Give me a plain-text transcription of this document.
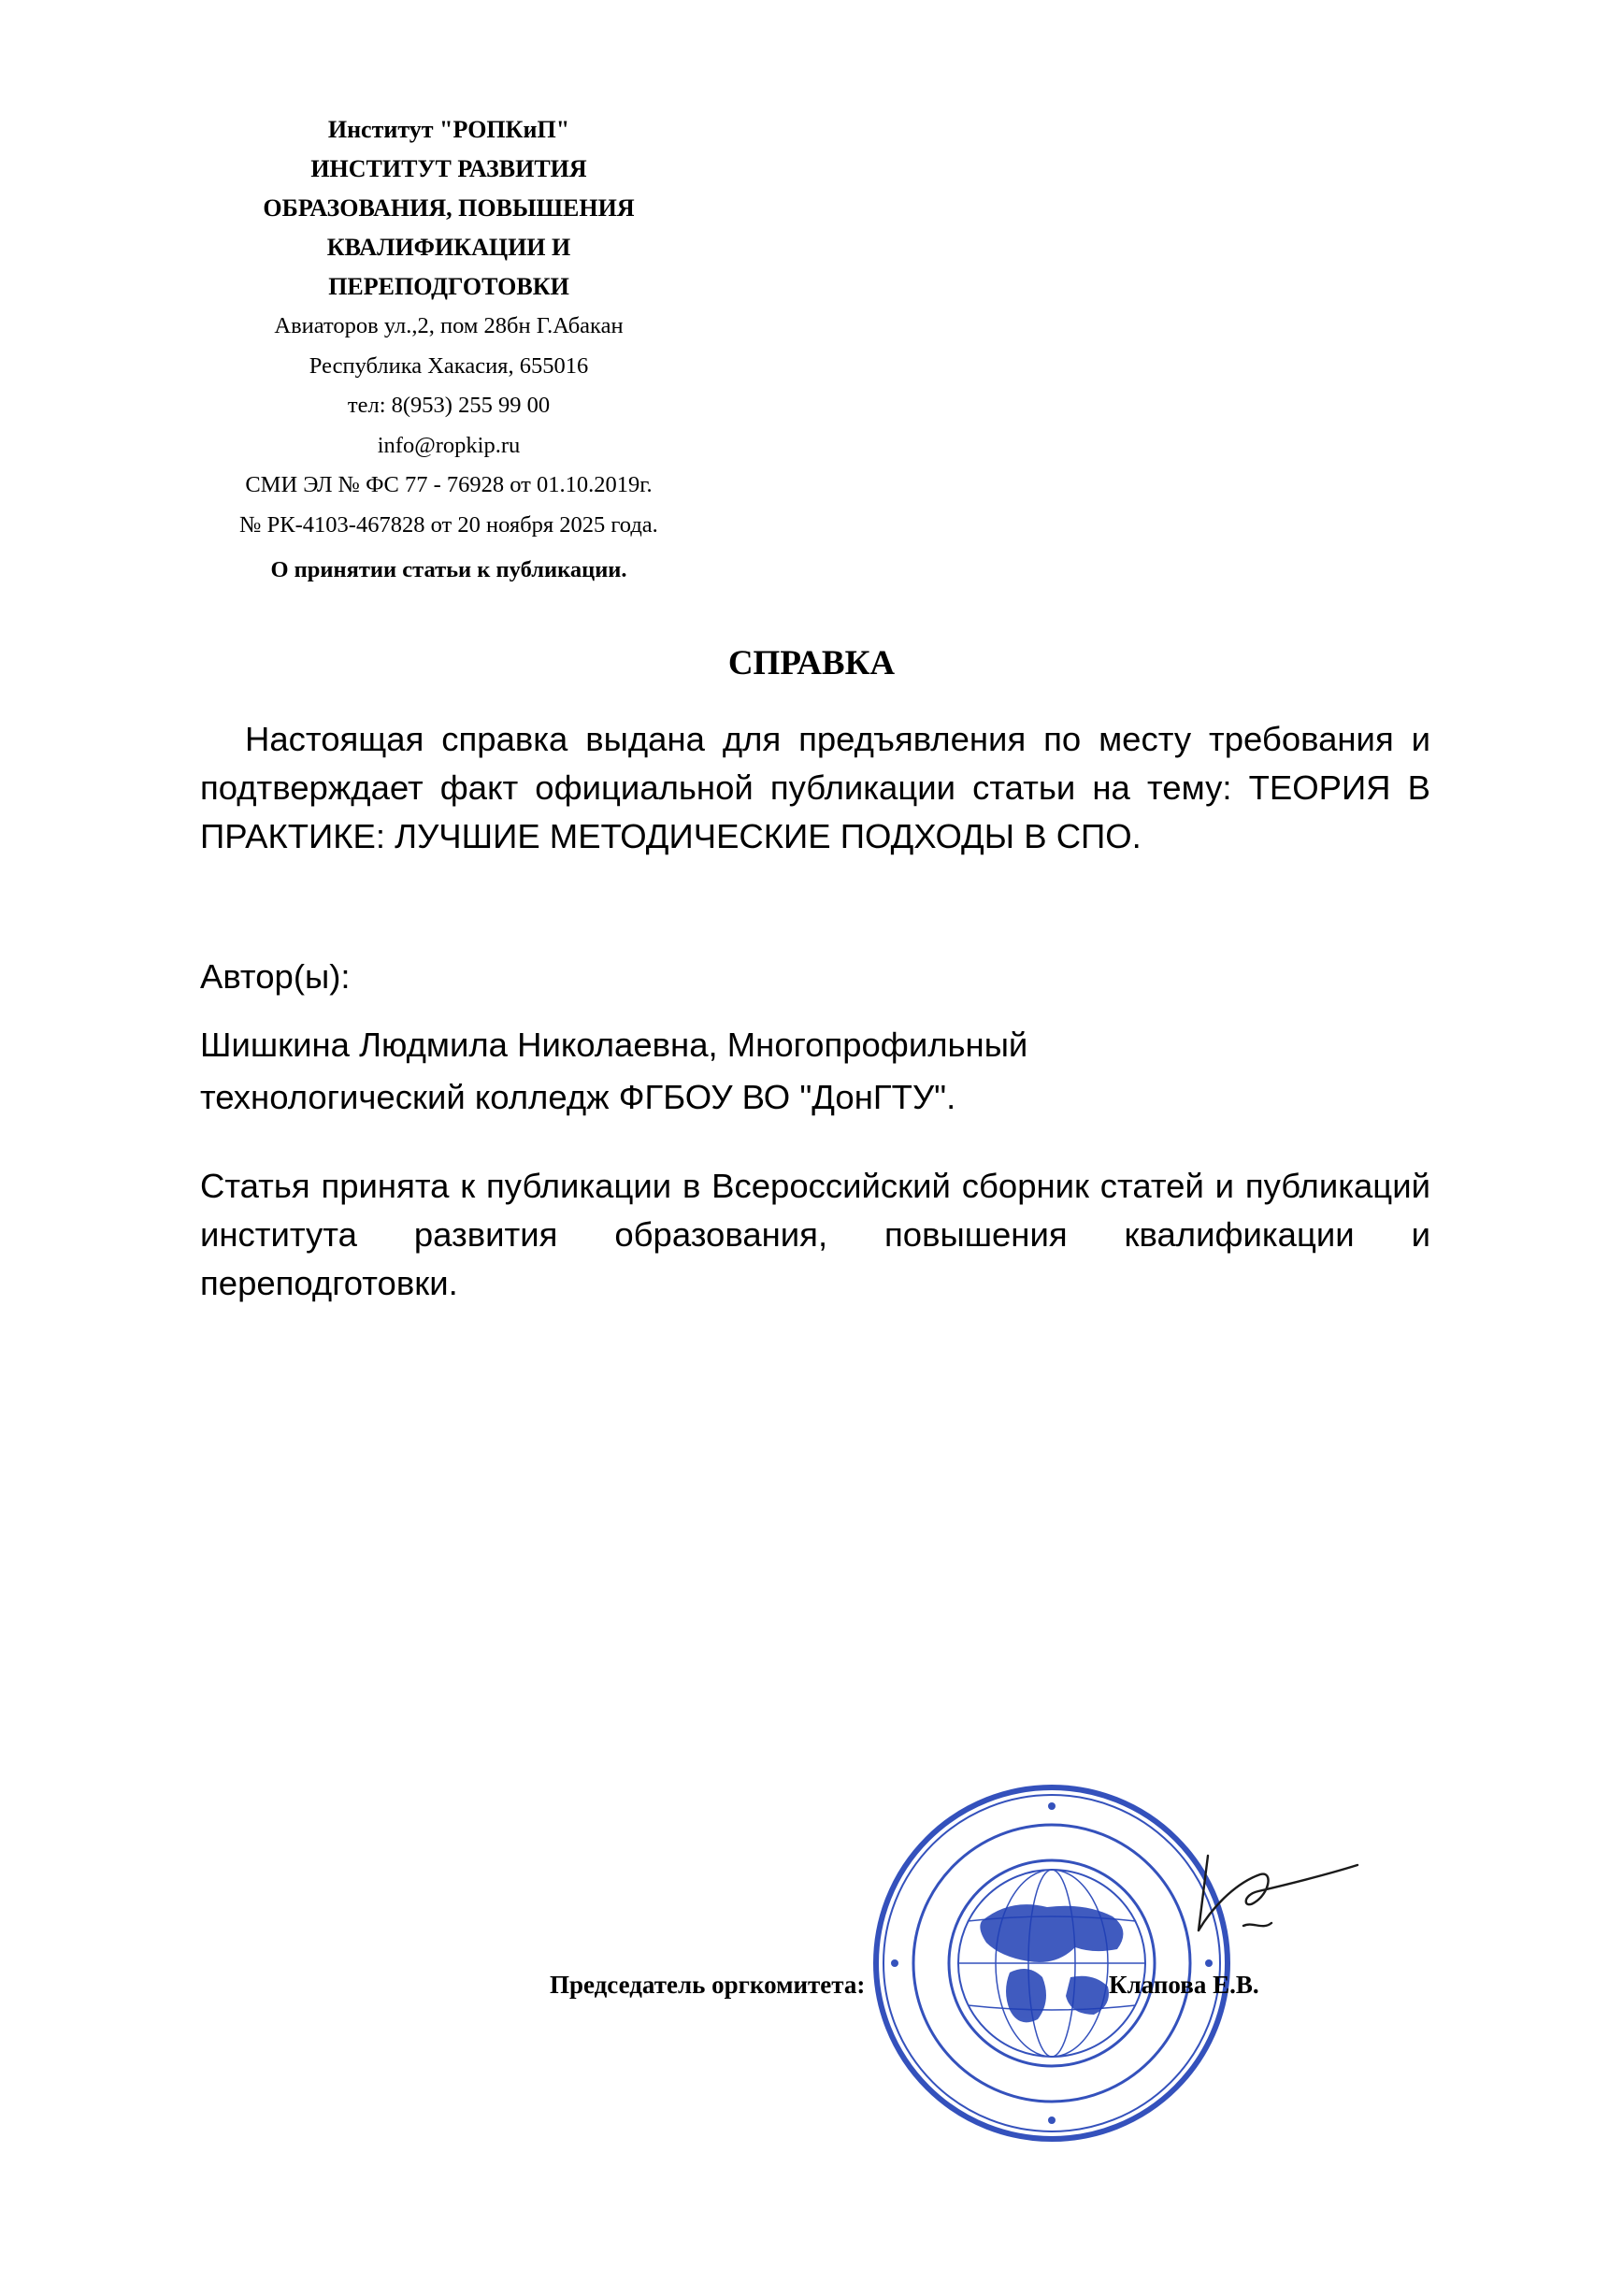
Институт "РОПКиП"
ИНСТИТУТ РАЗВИТИЯ
ОБРАЗОВАНИЯ, ПОВЫШЕНИЯ
КВАЛИФИКАЦИИ И
ПЕРЕПОДГОТОВКИ
Авиаторов ул.,2, пом 28бн Г.Абакан
Республика Хакасия, 655016
тел: 8(953) 255 99 00
info@ropkip.ru
СМИ ЭЛ № ФС 77 - 76928 от 01.10.2019г.
№ РК-4103-467828 от 20 ноября 2025 года.
О принятии статьи к публикации.
СПРАВКА
Настоящая справка выдана для предъявления по месту требования и подтверждает факт официальной публикации статьи на тему: ТЕОРИЯ В ПРАКТИКЕ: ЛУЧШИЕ МЕТОДИЧЕСКИЕ ПОДХОДЫ В СПО.
Автор(ы):
Шишкина Людмила Николаевна, Многопрофильный технологический колледж ФГБОУ ВО "ДонГТУ".
Статья принята к публикации в Всероссийский сборник статей и публикаций института развития образования, повышения квалификации и переподготовки.
Председатель оргкомитета:	Клапова Е.В.
